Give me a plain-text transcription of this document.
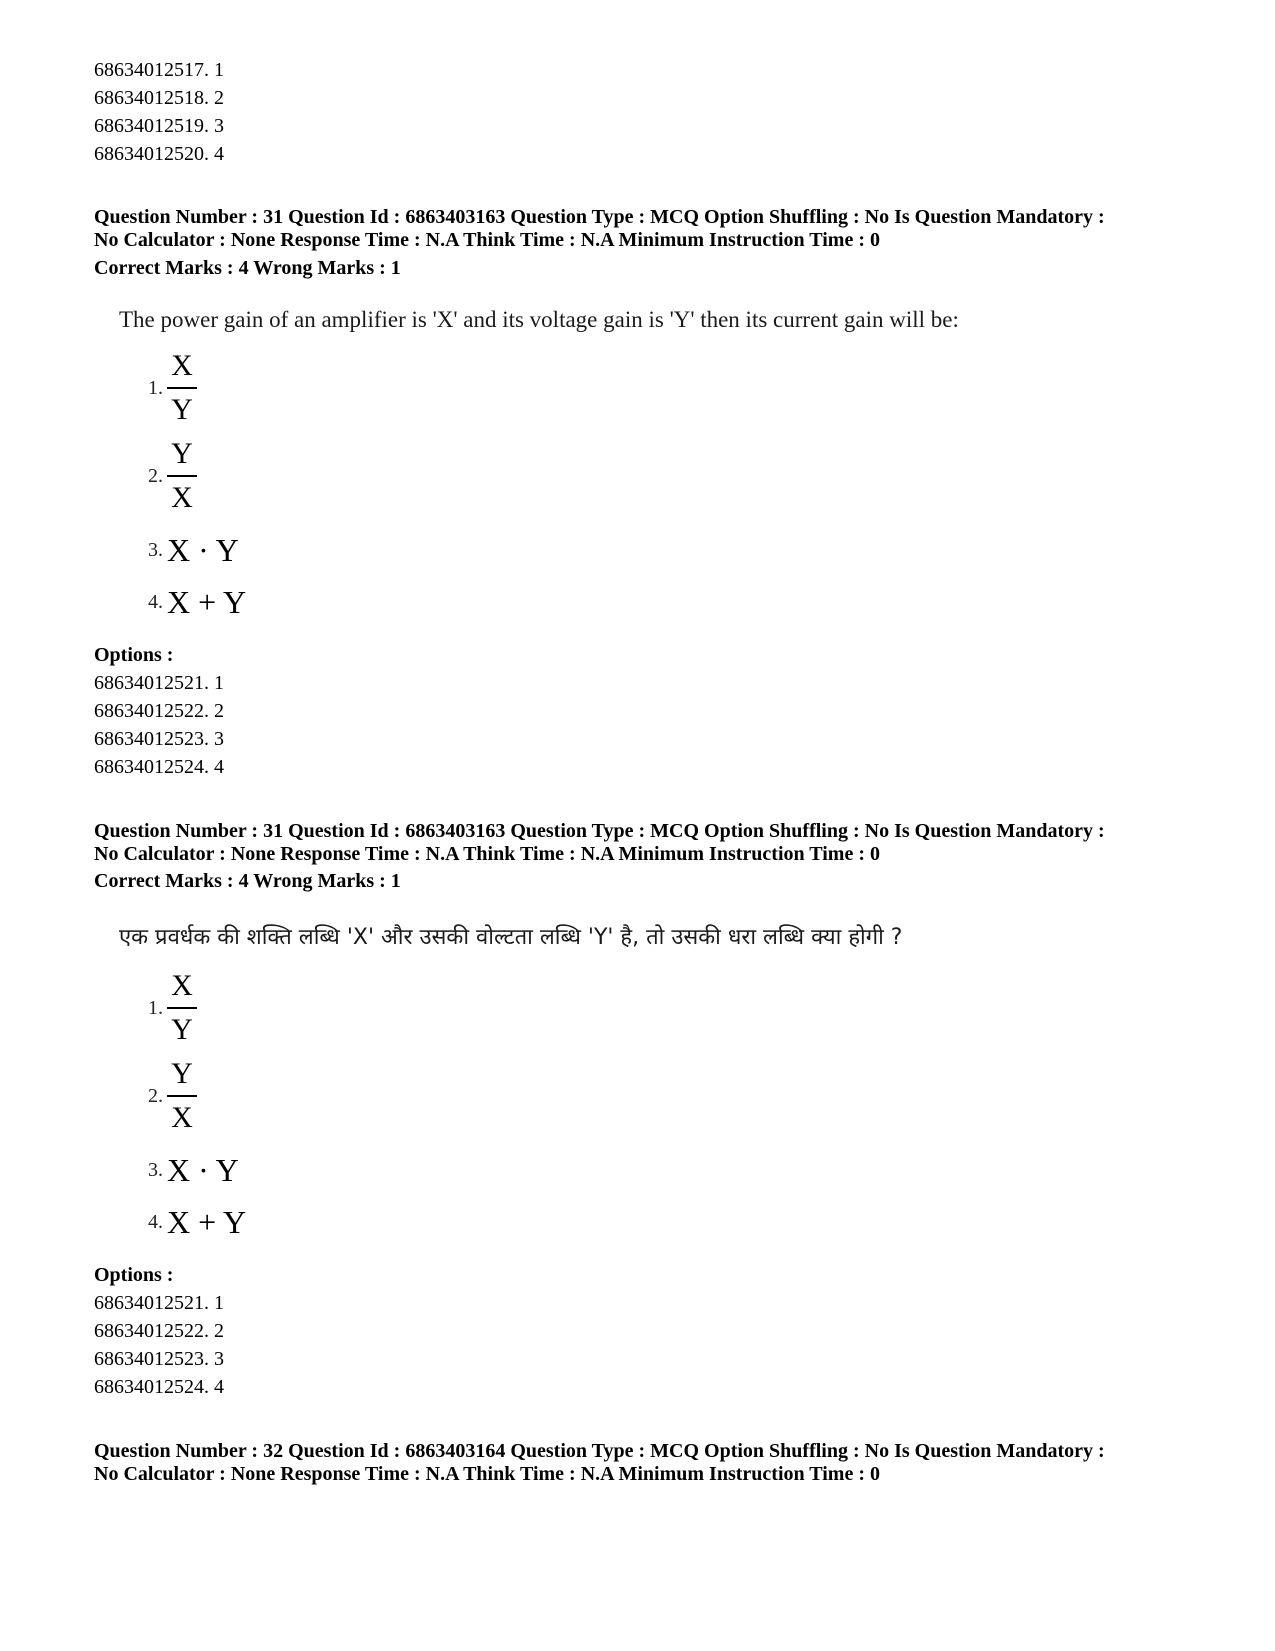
68634012517. 1
68634012518. 2
68634012519. 3
68634012520. 4
Question Number : 31 Question Id : 6863403163 Question Type : MCQ Option Shuffling : No Is Question Mandatory :
No Calculator : None Response Time : N.A Think Time : N.A Minimum Instruction Time : 0
Correct Marks : 4 Wrong Marks : 1
The power gain of an amplifier is 'X' and its voltage gain is 'Y' then its current gain will be:
1. $\frac{X}{Y}$
2. $\frac{Y}{X}$
3. X · Y
4. X + Y
Options :
68634012521. 1
68634012522. 2
68634012523. 3
68634012524. 4
Question Number : 31 Question Id : 6863403163 Question Type : MCQ Option Shuffling : No Is Question Mandatory :
No Calculator : None Response Time : N.A Think Time : N.A Minimum Instruction Time : 0
Correct Marks : 4 Wrong Marks : 1
एक प्रवर्धक की शक्ति लब्धि 'X' और उसकी वोल्टता लब्धि 'Y' है, तो उसकी धरा लब्धि क्या होगी ?
1. $\frac{X}{Y}$
2. $\frac{Y}{X}$
3. X · Y
4. X + Y
Options :
68634012521. 1
68634012522. 2
68634012523. 3
68634012524. 4
Question Number : 32 Question Id : 6863403164 Question Type : MCQ Option Shuffling : No Is Question Mandatory :
No Calculator : None Response Time : N.A Think Time : N.A Minimum Instruction Time : 0
